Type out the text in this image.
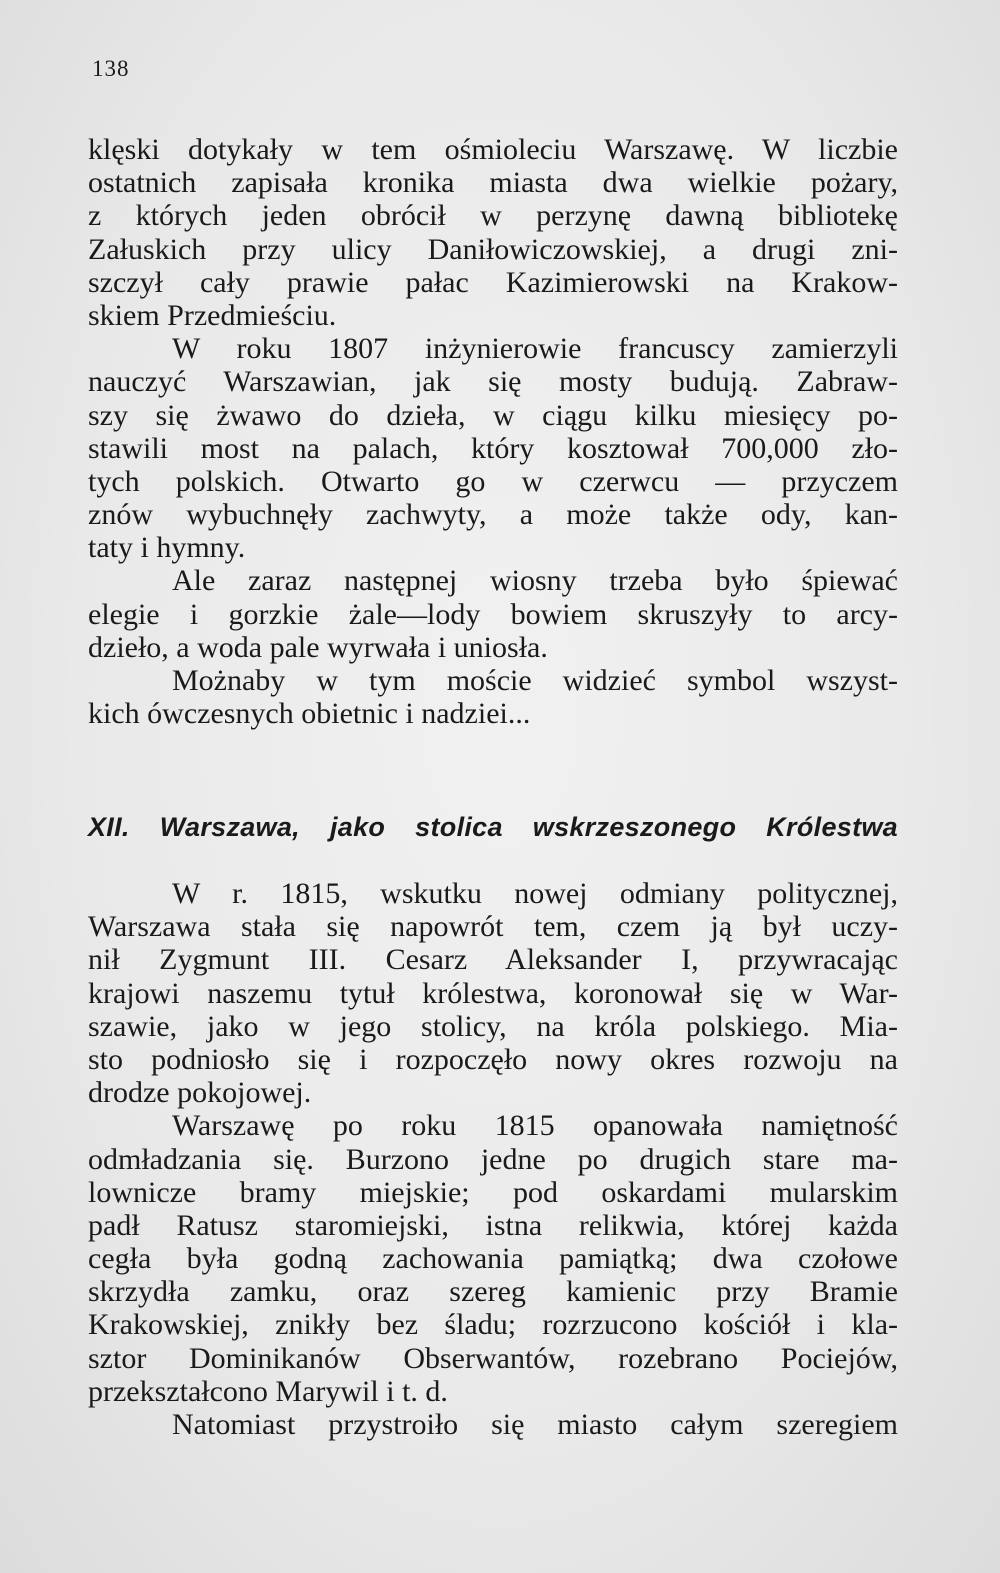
138
klęski dotykały w tem ośmioleciu Warszawę. W liczbie
ostatnich zapisała kronika miasta dwa wielkie pożary,
z których jeden obrócił w perzynę dawną bibliotekę
Załuskich przy ulicy Daniłowiczowskiej, a drugi zni-
szczył cały prawie pałac Kazimierowski na Krakow-
skiem Przedmieściu.
W roku 1807 inżynierowie francuscy zamierzyli
nauczyć Warszawian, jak się mosty budują. Zabraw-
szy się żwawo do dzieła, w ciągu kilku miesięcy po-
stawili most na palach, który kosztował 700,000 zło-
tych polskich. Otwarto go w czerwcu — przyczem
znów wybuchnęły zachwyty, a może także ody, kan-
taty i hymny.
Ale zaraz następnej wiosny trzeba było śpiewać
elegie i gorzkie żale—lody bowiem skruszyły to arcy-
dzieło, a woda pale wyrwała i uniosła.
Możnaby w tym moście widzieć symbol wszyst-
kich ówczesnych obietnic i nadziei...
XII. Warszawa, jako stolica wskrzeszonego Królestwa
W r. 1815, wskutku nowej odmiany politycznej,
Warszawa stała się napowrót tem, czem ją był uczy-
nił Zygmunt III. Cesarz Aleksander I, przywracając
krajowi naszemu tytuł królestwa, koronował się w War-
szawie, jako w jego stolicy, na króla polskiego. Mia-
sto podniosło się i rozpoczęło nowy okres rozwoju na
drodze pokojowej.
Warszawę po roku 1815 opanowała namiętność
odmładzania się. Burzono jedne po drugich stare ma-
lownicze bramy miejskie; pod oskardami mularskim
padł Ratusz staromiejski, istna relikwia, której każda
cegła była godną zachowania pamiątką; dwa czołowe
skrzydła zamku, oraz szereg kamienic przy Bramie
Krakowskiej, znikły bez śladu; rozrzucono kościół i kla-
sztor Dominikanów Obserwantów, rozebrano Pociejów,
przekształcono Marywil i t. d.
Natomiast przystroiło się miasto całym szeregiem
